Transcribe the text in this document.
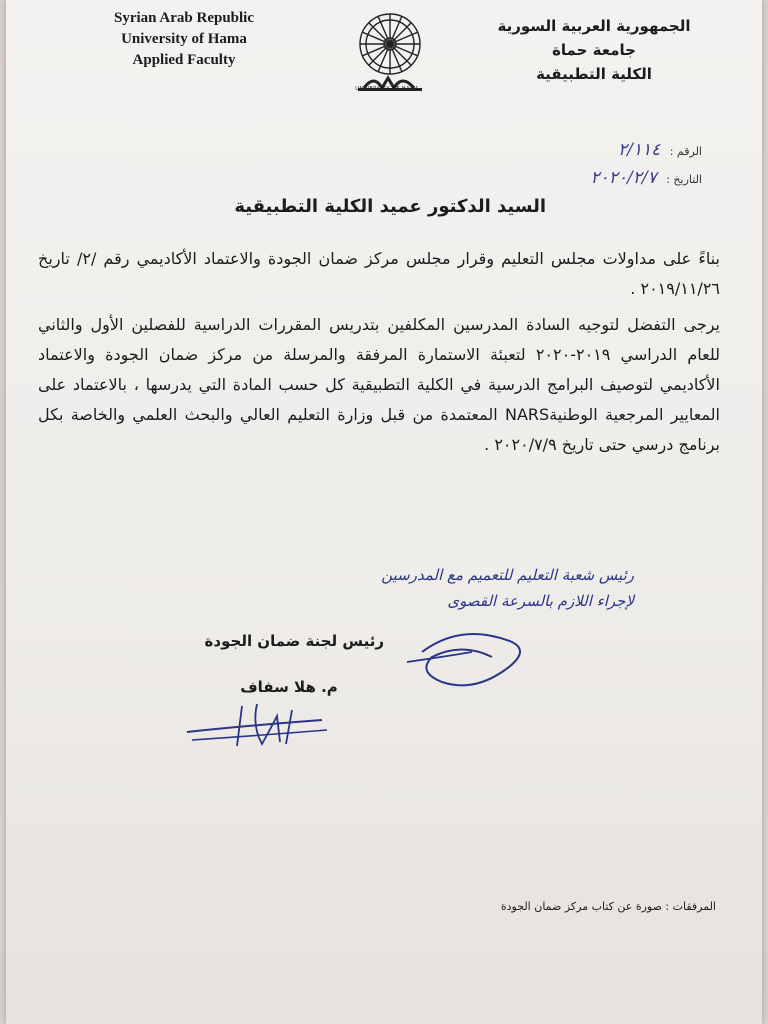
Syrian Arab Republic
University of Hama
Applied Faculty
UNIVERSITY OF HAMA
الجمهورية العربية السورية
جامعة حماة
الكلية التطبيقية
الرقم : ٢/١١٤
التاريخ : ٢٠٢٠/٢/٧
السيد الدكتور عميد الكلية التطبيقية

بناءً على مداولات مجلس التعليم وقرار مجلس مركز ضمان الجودة والاعتماد الأكاديمي رقم /٢/ تاريخ ٢٠١٩/١١/٢٦ .

يرجى التفضل لتوجيه السادة المدرسين المكلفين بتدريس المقررات الدراسية للفصلين الأول والثاني للعام الدراسي ٢٠١٩-٢٠٢٠ لتعبئة الاستمارة المرفقة والمرسلة من مركز ضمان الجودة والاعتماد الأكاديمي لتوصيف البرامج الدرسية في الكلية التطبيقية كل حسب المادة التي يدرسها ، بالاعتماد على المعايير المرجعية الوطنيةNARS المعتمدة من قبل وزارة التعليم العالي والبحث العلمي والخاصة بكل برنامج درسي حتى تاريخ ٢٠٢٠/٧/٩ .

رئيس شعبة التعليم للتعميم مع المدرسين
لإجراء اللازم بالسرعة القصوى
رئيس لجنة ضمان الجودة
م. هلا سفاف
المرفقات : صورة عن كتاب مركز ضمان الجودة
